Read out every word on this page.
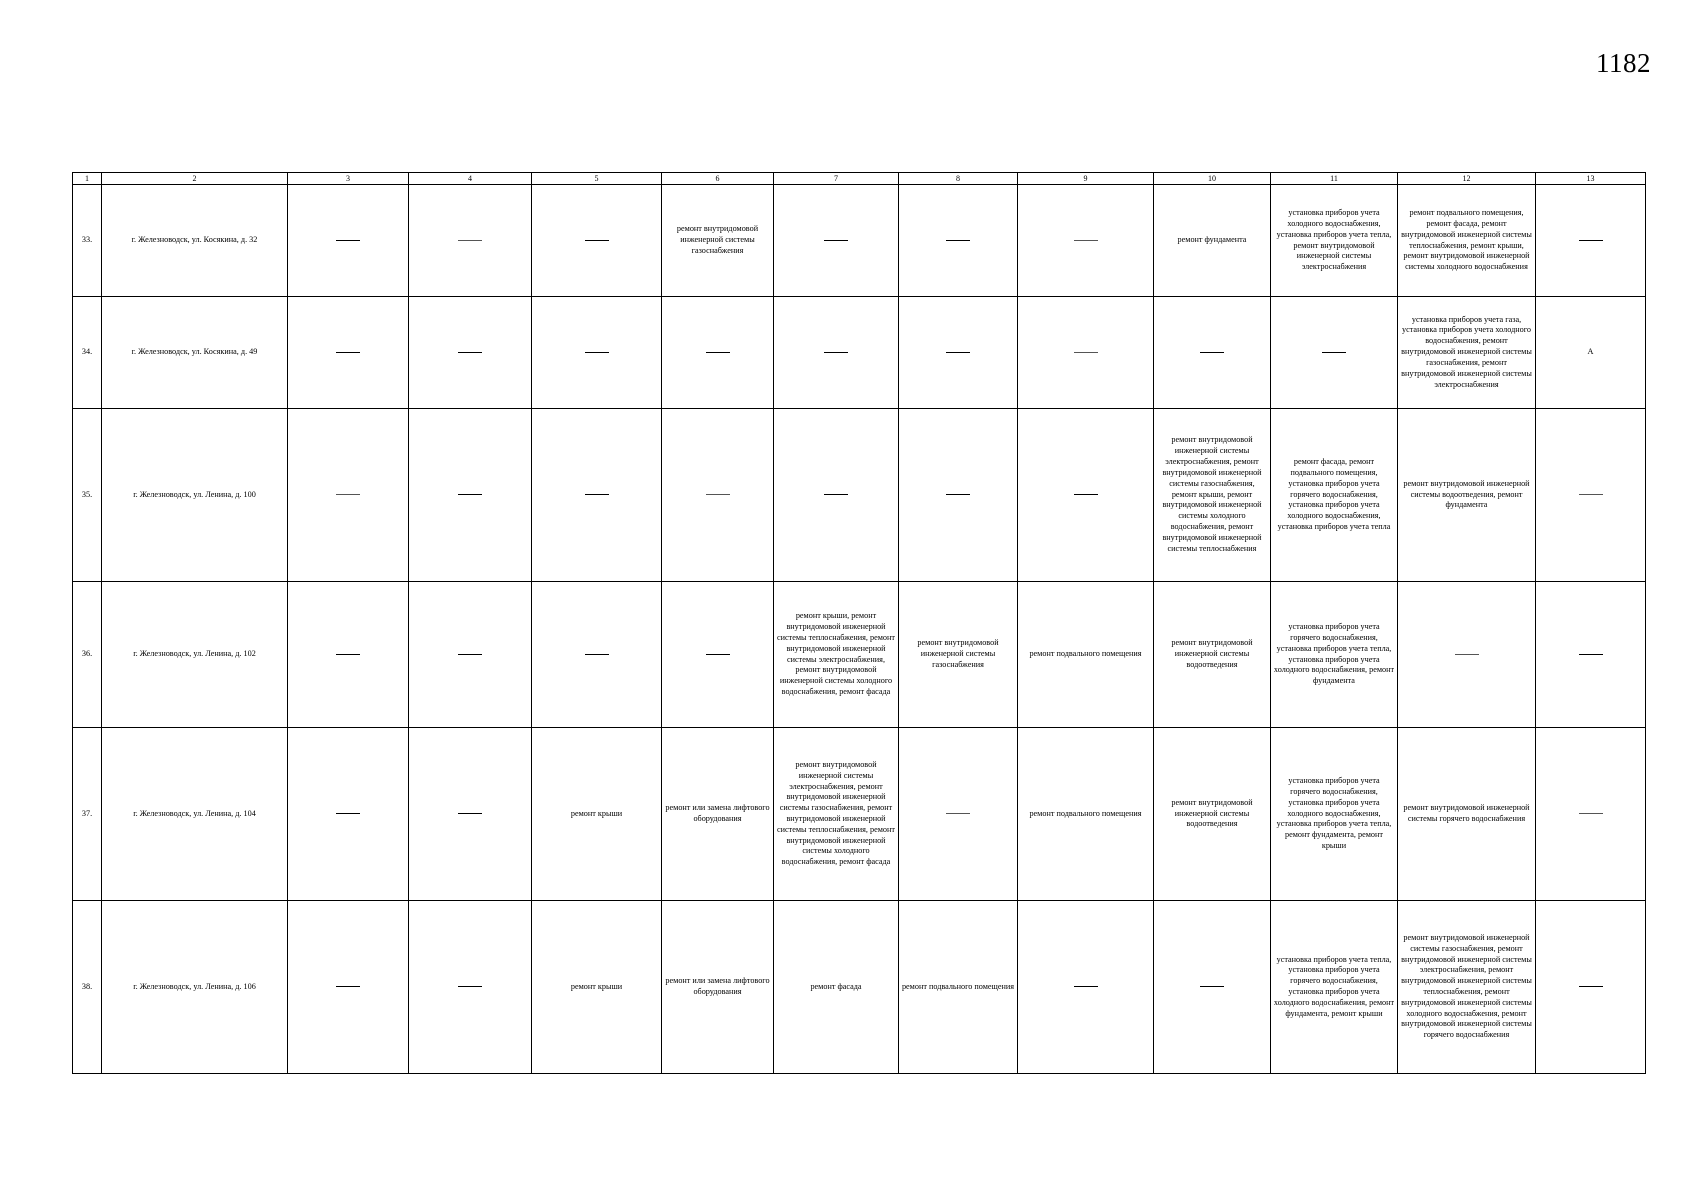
1182
1	2	3	4	5	6	7	8	9	10	11	12	13
33.	г. Железноводск, ул. Косякина, д. 32				ремонт внутридомовой инженерной системы газоснабжения				ремонт фундамента	установка приборов учета холодного водоснабжения, установка приборов учета тепла, ремонт внутридомовой инженерной системы электроснабжения	ремонт подвального помещения, ремонт фасада, ремонт внутридомовой инженерной системы теплоснабжения, ремонт крыши, ремонт внутридомовой инженерной системы холодного водоснабжения	
34.	г. Железноводск, ул. Косякина, д. 49										установка приборов учета газа, установка приборов учета холодного водоснабжения, ремонт внутридомовой инженерной системы газоснабжения, ремонт внутридомовой инженерной системы электроснабжения	А
35.	г. Железноводск, ул. Ленина, д. 100								ремонт внутридомовой инженерной системы электроснабжения, ремонт внутридомовой инженерной системы газоснабжения, ремонт крыши, ремонт внутридомовой инженерной системы холодного водоснабжения, ремонт внутридомовой инженерной системы теплоснабжения	ремонт фасада, ремонт подвального помещения, установка приборов учета горячего водоснабжения, установка приборов учета холодного водоснабжения, установка приборов учета тепла	ремонт внутридомовой инженерной системы водоотведения, ремонт фундамента	
36.	г. Железноводск, ул. Ленина, д. 102					ремонт крыши, ремонт внутридомовой инженерной системы теплоснабжения, ремонт внутридомовой инженерной системы электроснабжения, ремонт внутридомовой инженерной системы холодного водоснабжения, ремонт фасада	ремонт внутридомовой инженерной системы газоснабжения	ремонт подвального помещения	ремонт внутридомовой инженерной системы водоотведения	установка приборов учета горячего водоснабжения, установка приборов учета тепла, установка приборов учета холодного водоснабжения, ремонт фундамента		
37.	г. Железноводск, ул. Ленина, д. 104			ремонт крыши	ремонт или замена лифтового оборудования	ремонт внутридомовой инженерной системы электроснабжения, ремонт внутридомовой инженерной системы газоснабжения, ремонт внутридомовой инженерной системы теплоснабжения, ремонт внутридомовой инженерной системы холодного водоснабжения, ремонт фасада		ремонт подвального помещения	ремонт внутридомовой инженерной системы водоотведения	установка приборов учета горячего водоснабжения, установка приборов учета холодного водоснабжения, установка приборов учета тепла, ремонт фундамента, ремонт крыши	ремонт внутридомовой инженерной системы горячего водоснабжения	
38.	г. Железноводск, ул. Ленина, д. 106			ремонт крыши	ремонт или замена лифтового оборудования	ремонт фасада	ремонт подвального помещения			установка приборов учета тепла, установка приборов учета горячего водоснабжения, установка приборов учета холодного водоснабжения, ремонт фундамента, ремонт крыши	ремонт внутридомовой инженерной системы газоснабжения, ремонт внутридомовой инженерной системы электроснабжения, ремонт внутридомовой инженерной системы теплоснабжения, ремонт внутридомовой инженерной системы холодного водоснабжения, ремонт внутридомовой инженерной системы горячего водоснабжения	
